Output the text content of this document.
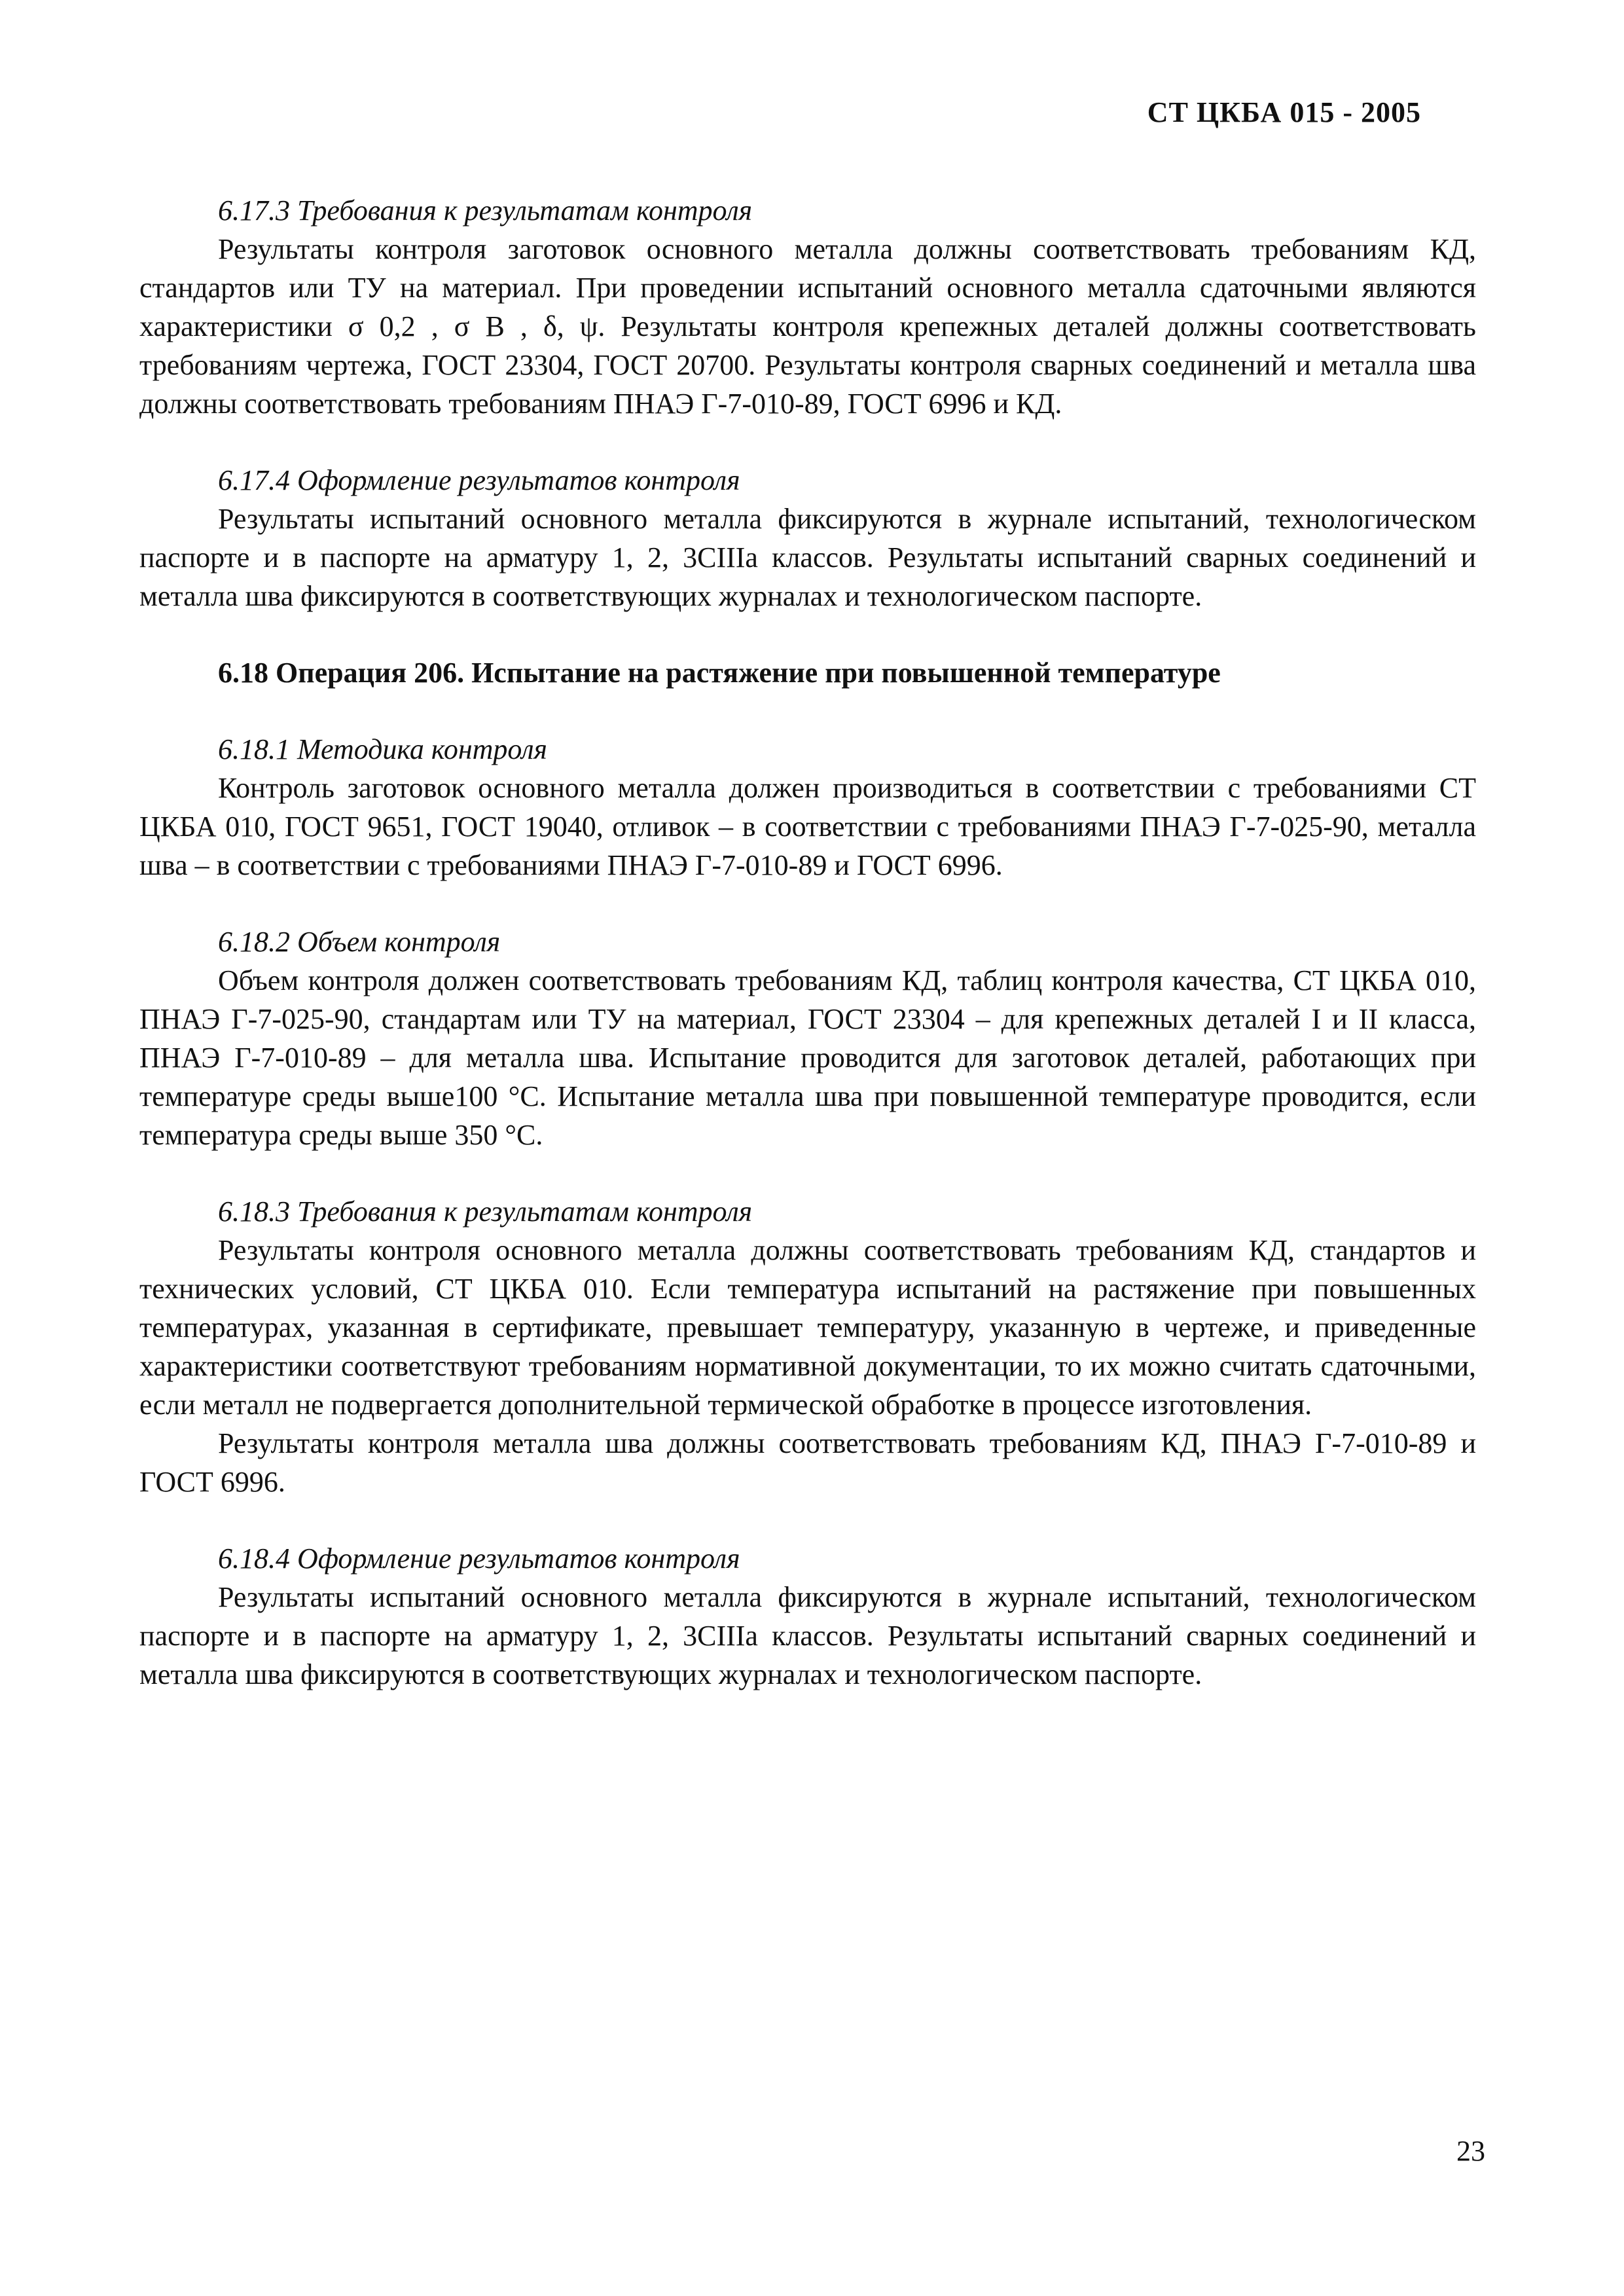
СТ ЦКБА 015 - 2005

6.17.3 Требования к результатам контроля

Результаты контроля заготовок основного металла должны соответствовать требованиям КД, стандартов или ТУ на материал. При проведении испытаний основного металла сдаточными являются характеристики σ 0,2 , σ В , δ, ψ. Результаты контроля крепежных деталей должны соответствовать требованиям чертежа, ГОСТ 23304, ГОСТ 20700. Результаты контроля сварных соединений и металла шва должны соответствовать требованиям ПНАЭ Г-7-010-89, ГОСТ 6996 и КД.

6.17.4 Оформление результатов контроля

Результаты испытаний основного металла фиксируются в журнале испытаний, технологическом паспорте и в паспорте на арматуру 1, 2, 3СIIIа классов. Результаты испытаний сварных соединений и металла шва фиксируются в соответствующих журналах и технологическом паспорте.

6.18 Операция 206. Испытание на растяжение при повышенной температуре

6.18.1 Методика контроля

Контроль заготовок основного металла должен производиться в соответствии с требованиями СТ ЦКБА 010, ГОСТ 9651, ГОСТ 19040, отливок – в соответствии с требованиями ПНАЭ Г-7-025-90, металла шва – в соответствии с требованиями ПНАЭ Г-7-010-89 и ГОСТ 6996.

6.18.2 Объем контроля

Объем контроля должен соответствовать требованиям КД, таблиц контроля качества, СТ ЦКБА 010, ПНАЭ Г-7-025-90, стандартам или ТУ на материал, ГОСТ 23304 – для крепежных деталей I и II класса, ПНАЭ Г-7-010-89 – для металла шва. Испытание проводится для заготовок деталей, работающих при температуре среды выше100 °С. Испытание металла шва при повышенной температуре проводится, если температура среды выше 350 °С.

6.18.3 Требования к результатам контроля

Результаты контроля основного металла должны соответствовать требованиям КД, стандартов и технических условий, СТ ЦКБА 010. Если температура испытаний на растяжение при повышенных температурах, указанная в сертификате, превышает температуру, указанную в чертеже, и приведенные характеристики соответствуют требованиям нормативной документации, то их можно считать сдаточными, если металл не подвергается дополнительной термической обработке в процессе изготовления.

Результаты контроля металла шва должны соответствовать требованиям КД, ПНАЭ Г-7-010-89 и ГОСТ 6996.

6.18.4 Оформление результатов контроля

Результаты испытаний основного металла фиксируются в журнале испытаний, технологическом паспорте и в паспорте на арматуру 1, 2, 3СIIIа классов. Результаты испытаний сварных соединений и металла шва фиксируются в соответствующих журналах и технологическом паспорте.

23
